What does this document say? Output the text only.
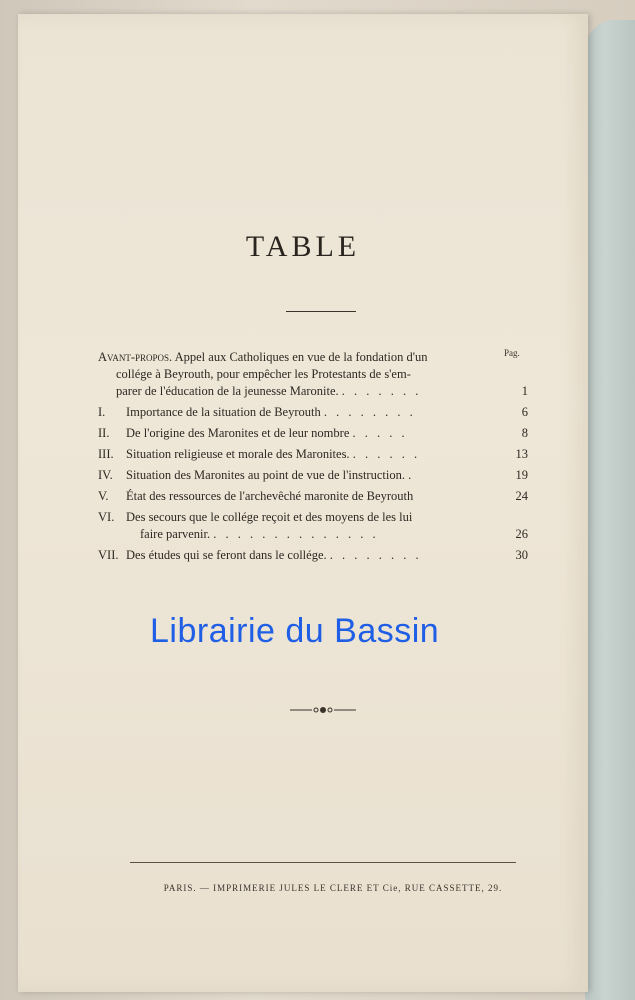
TABLE
Pag.
Avant-propos. Appel aux Catholiques en vue de la fondation d'un
collége à Beyrouth, pour empêcher les Protestants de s'em-
parer de l'éducation de la jeunesse Maronite. . . . . . . .	1
I.	Importance de la situation de Beyrouth . . . . . . . .	6
II.	De l'origine des Maronites et de leur nombre . . . . .	8
III. Situation religieuse et morale des Maronites. . . . . . .	13
IV.	Situation des Maronites au point de vue de l'instruction. .	19
V.	État des ressources de l'archevêché maronite de Beyrouth	24
VI. Des secours que le collége reçoit et des moyens de les lui
faire parvenir. . . . . . . . . . . . . . .	26
VII. Des études qui se feront dans le collége. . . . . . . . .	30
PARIS. — IMPRIMERIE JULES LE CLERE ET Cie, RUE CASSETTE, 29.
Librairie du Bassin
